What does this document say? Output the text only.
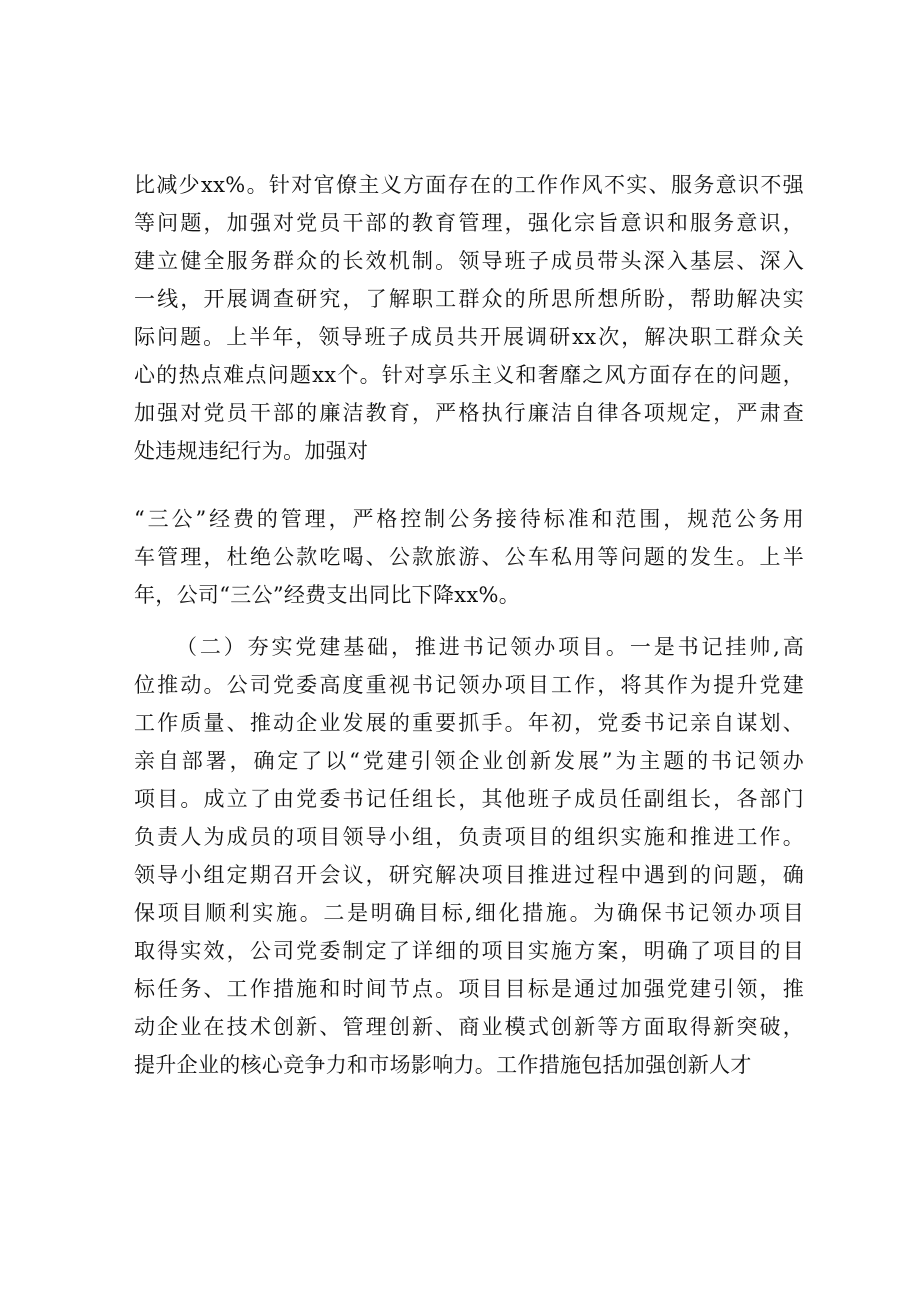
比减少xx%。针对官僚主义方面存在的工作作风不实、服务意识不强
等问题，加强对党员干部的教育管理，强化宗旨意识和服务意识，
建立健全服务群众的长效机制。领导班子成员带头深入基层、深入
一线，开展调查研究，了解职工群众的所思所想所盼，帮助解决实
际问题。上半年，领导班子成员共开展调研xx次，解决职工群众关
心的热点难点问题xx个。针对享乐主义和奢靡之风方面存在的问题，
加强对党员干部的廉洁教育，严格执行廉洁自律各项规定，严肃查
处违规违纪行为。加强对
“三公”经费的管理，严格控制公务接待标准和范围，规范公务用
车管理，杜绝公款吃喝、公款旅游、公车私用等问题的发生。上半
年，公司“三公”经费支出同比下降xx%。
（二）夯实党建基础，推进书记领办项目。一是书记挂帅,高
位推动。公司党委高度重视书记领办项目工作，将其作为提升党建
工作质量、推动企业发展的重要抓手。年初，党委书记亲自谋划、
亲自部署，确定了以“党建引领企业创新发展”为主题的书记领办
项目。成立了由党委书记任组长，其他班子成员任副组长，各部门
负责人为成员的项目领导小组，负责项目的组织实施和推进工作。
领导小组定期召开会议，研究解决项目推进过程中遇到的问题，确
保项目顺利实施。二是明确目标,细化措施。为确保书记领办项目
取得实效，公司党委制定了详细的项目实施方案，明确了项目的目
标任务、工作措施和时间节点。项目目标是通过加强党建引领，推
动企业在技术创新、管理创新、商业模式创新等方面取得新突破，
提升企业的核心竞争力和市场影响力。工作措施包括加强创新人才
